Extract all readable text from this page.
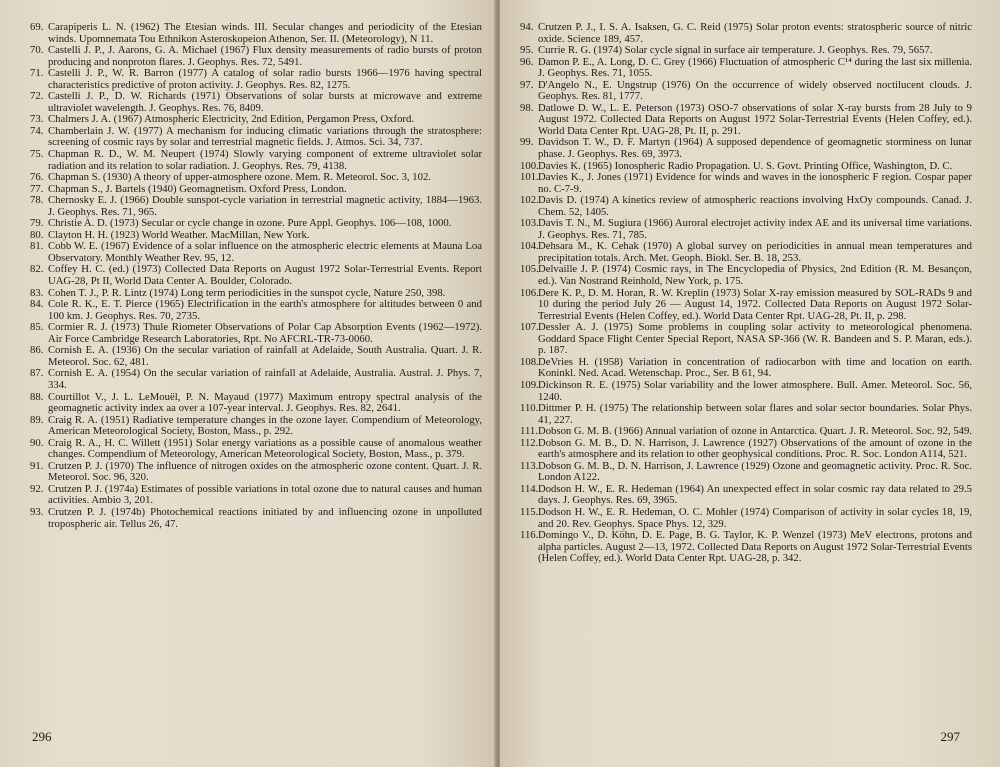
69. Carapiperis L. N. (1962) The Etesian winds. III. Secular changes and periodicity of the Etesian winds. Upomnemata Tou Ethnikon Asteroskopeion Athenon, Ser. II. (Meteorology), N 11.
70. Castelli J. P., J. Aarons, G. A. Michael (1967) Flux density measurements of radio bursts of proton producing and nonproton flares. J. Geophys. Res. 72, 5491.
71. Castelli J. P., W. R. Barron (1977) A catalog of solar radio bursts 1966—1976 having spectral characteristics predictive of proton activity. J. Geophys. Res. 82, 1275.
72. Castelli J. P., D. W. Richards (1971) Observations of solar bursts at microwave and extreme ultraviolet wavelength. J. Geophys. Res. 76, 8409.
73. Chalmers J. A. (1967) Atmospheric Electricity, 2nd Edition, Pergamon Press, Oxford.
74. Chamberlain J. W. (1977) A mechanism for inducing climatic variations through the stratosphere: screening of cosmic rays by solar and terrestrial magnetic fields. J. Atmos. Sci. 34, 737.
75. Chapman R. D., W. M. Neupert (1974) Slowly varying component of extreme ultraviolet solar radiation and its relation to solar radiation. J. Geophys. Res. 79, 4138.
76. Chapman S. (1930) A theory of upper-atmosphere ozone. Mem. R. Meteorol. Soc. 3, 102.
77. Chapman S., J. Bartels (1940) Geomagnetism. Oxford Press, London.
78. Chernosky E. J. (1966) Double sunspot-cycle variation in terrestrial magnetic activity, 1884—1963. J. Geophys. Res. 71, 965.
79. Christie A. D. (1973) Secular or cycle change in ozone. Pure Appl. Geophys. 106—108, 1000.
80. Clayton H. H. (1923) World Weather. MacMillan, New York.
81. Cobb W. E. (1967) Evidence of a solar influence on the atmospheric electric elements at Mauna Loa Observatory. Monthly Weather Rev. 95, 12.
82. Coffey H. C. (ed.) (1973) Collected Data Reports on August 1972 Solar-Terrestrial Events. Report UAG-28, Pt II, World Data Center A. Boulder, Colorado.
83. Cohen T. J., P. R. Lintz (1974) Long term periodicities in the sunspot cycle, Nature 250, 398.
84. Cole R. K., E. T. Pierce (1965) Electrification in the earth's atmosphere for altitudes between 0 and 100 km. J. Geophys. Res. 70, 2735.
85. Cormier R. J. (1973) Thule Riometer Observations of Polar Cap Absorption Events (1962—1972). Air Force Cambridge Research Laboratories, Rpt. No AFCRL-TR-73-0060.
86. Cornish E. A. (1936) On the secular variation of rainfall at Adelaide, South Australia. Quart. J. R. Meteorol. Soc. 62, 481.
87. Cornish E. A. (1954) On the secular variation of rainfall at Adelaide, Australia. Austral. J. Phys. 7, 334.
88. Courtillot V., J. L. LeMouël, P. N. Mayaud (1977) Maximum entropy spectral analysis of the geomagnetic activity index aa over a 107-year interval. J. Geophys. Res. 82, 2641.
89. Craig R. A. (1951) Radiative temperature changes in the ozone layer. Compendium of Meteorology, American Meteorological Society, Boston, Mass., p. 292.
90. Craig R. A., H. C. Willett (1951) Solar energy variations as a possible cause of anomalous weather changes. Compendium of Meteorology, American Meteorological Society, Boston, Mass., p. 379.
91. Crutzen P. J. (1970) The influence of nitrogen oxides on the atmospheric ozone content. Quart. J. R. Meteorol. Soc. 96, 320.
92. Crutzen P. J. (1974a) Estimates of possible variations in total ozone due to natural causes and human activities. Ambio 3, 201.
93. Crutzen P. J. (1974b) Photochemical reactions initiated by and influencing ozone in unpolluted tropospheric air. Tellus 26, 47.
296
94. Crutzen P. J., I. S. A. Isaksen, G. C. Reid (1975) Solar proton events: stratospheric source of nitric oxide. Science 189, 457.
95. Currie R. G. (1974) Solar cycle signal in surface air temperature. J. Geophys. Res. 79, 5657.
96. Damon P. E., A. Long, D. C. Grey (1966) Fluctuation of atmospheric C¹⁴ during the last six millenia. J. Geophys. Res. 71, 1055.
97. D'Angelo N., E. Ungstrup (1976) On the occurrence of widely observed noctilucent clouds. J. Geophys. Res. 81, 1777.
98. Datlowe D. W., L. E. Peterson (1973) OSO-7 observations of solar X-ray bursts from 28 July to 9 August 1972. Collected Data Reports on August 1972 Solar-Terrestrial Events (Helen Coffey, ed.). World Data Center Rpt. UAG-28, Pt. II, p. 291.
99. Davidson T. W., D. F. Martyn (1964) A supposed dependence of geomagnetic storminess on lunar phase. J. Geophys. Res. 69, 3973.
100.Davies K. (1965) Ionospheric Radio Propagation. U. S. Govt. Printing Office, Washington, D. C.
101.Davies K., J. Jones (1971) Evidence for winds and waves in the ionospheric F region. Cospar paper no. C-7-9.
102.Davis D. (1974) A kinetics review of atmospheric reactions involving HxOy compounds. Canad. J. Chem. 52, 1405.
103.Davis T. N., M. Sugiura (1966) Auroral electrojet activity index AE and its universal time variations. J. Geophys. Res. 71, 785.
104.Dehsara M., K. Cehak (1970) A global survey on periodicities in annual mean temperatures and precipitation totals. Arch. Met. Geoph. Biokl. Ser. B. 18, 253.
105.Delvaille J. P. (1974) Cosmic rays, in The Encyclopedia of Physics, 2nd Edition (R. M. Besançon, ed.). Van Nostrand Reinhold, New York, p. 175.
106.Dere K. P., D. M. Horan, R. W. Kreplin (1973) Solar X-ray emission measured by SOL-RADs 9 and 10 during the period July 26 — August 14, 1972. Collected Data Reports on August 1972 Solar-Terrestrial Events (Helen Coffey, ed.). World Data Center Rpt. UAG-28, Pt. II, p. 298.
107.Dessler A. J. (1975) Some problems in coupling solar activity to meteorological phenomena. Goddard Space Flight Center Special Report, NASA SP-366 (W. R. Bandeen and S. P. Maran, eds.). p. 187.
108.DeVries H. (1958) Variation in concentration of radiocarbon with time and location on earth. Koninkl. Ned. Acad. Wetenschap. Proc., Ser. B 61, 94.
109.Dickinson R. E. (1975) Solar variability and the lower atmosphere. Bull. Amer. Meteorol. Soc. 56, 1240.
110.Dittmer P. H. (1975) The relationship between solar flares and solar sector boundaries. Solar Phys. 41, 227.
111.Dobson G. M. B. (1966) Annual variation of ozone in Antarctica. Quart. J. R. Meteorol. Soc. 92, 549.
112.Dobson G. M. B., D. N. Harrison, J. Lawrence (1927) Observations of the amount of ozone in the earth's atmosphere and its relation to other geophysical conditions. Proc. R. Soc. London A114, 521.
113.Dobson G. M. B., D. N. Harrison, J. Lawrence (1929) Ozone and geomagnetic activity. Proc. R. Soc. London A122.
114.Dodson H. W., E. R. Hedeman (1964) An unexpected effect in solar cosmic ray data related to 29.5 days. J. Geophys. Res. 69, 3965.
115.Dodson H. W., E. R. Hedeman, O. C. Mohler (1974) Comparison of activity in solar cycles 18, 19, and 20. Rev. Geophys. Space Phys. 12, 329.
116.Domingo V., D. Köhn, D. E. Page, B. G. Taylor, K. P. Wenzel (1973) MeV electrons, protons and alpha particles. August 2—13, 1972. Collected Data Reports on August 1972 Solar-Terrestrial Events (Helen Coffey, ed.). World Data Center Rpt. UAG-28, p. 342.
297
